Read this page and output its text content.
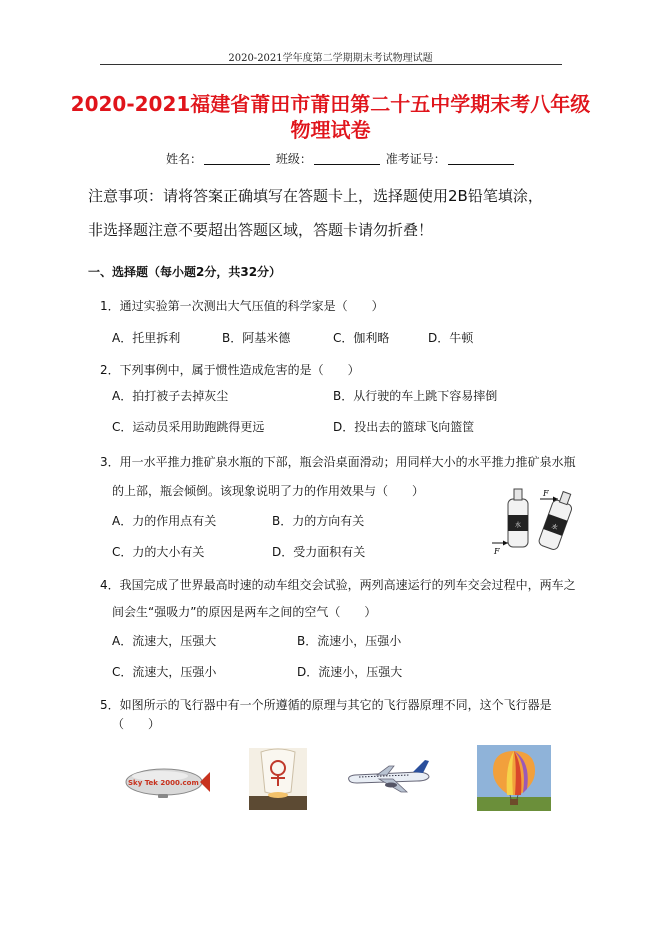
2020-2021学年度第二学期期末考试物理试题
2020-2021福建省莆田市莆田第二十五中学期末考八年级
物理试卷
姓名：	班级：	准考证号：
注意事项：请将答案正确填写在答题卡上，选择题使用2B铅笔填涂，
非选择题注意不要超出答题区域，答题卡请勿折叠！
一、选择题（每小题2分，共32分）
1．通过实验第一次测出大气压值的科学家是（　　）
A．托里拆利	B．阿基米德	C．伽利略	D．牛顿
2．下列事例中，属于惯性造成危害的是（　　）
A．拍打被子去掉灰尘	B．从行驶的车上跳下容易摔倒
C．运动员采用助跑跳得更远	D．投出去的篮球飞向篮筐
3．用一水平推力推矿泉水瓶的下部，瓶会沿桌面滑动；用同样大小的水平推力推矿泉水瓶
的上部，瓶会倾倒。该现象说明了力的作用效果与（　　）
A．力的作用点有关	B．力的方向有关
C．力的大小有关	D．受力面积有关
水
F
水
F
4．我国完成了世界最高时速的动车组交会试验，两列高速运行的列车交会过程中，两车之
间会生“强吸力”的原因是两车之间的空气（　　）
A．流速大，压强大	B．流速小，压强小
C．流速大，压强小	D．流速小，压强大
5．如图所示的飞行器中有一个所遵循的原理与其它的飞行器原理不同，这个飞行器是
（　　）
Sky Tek 2000.com
